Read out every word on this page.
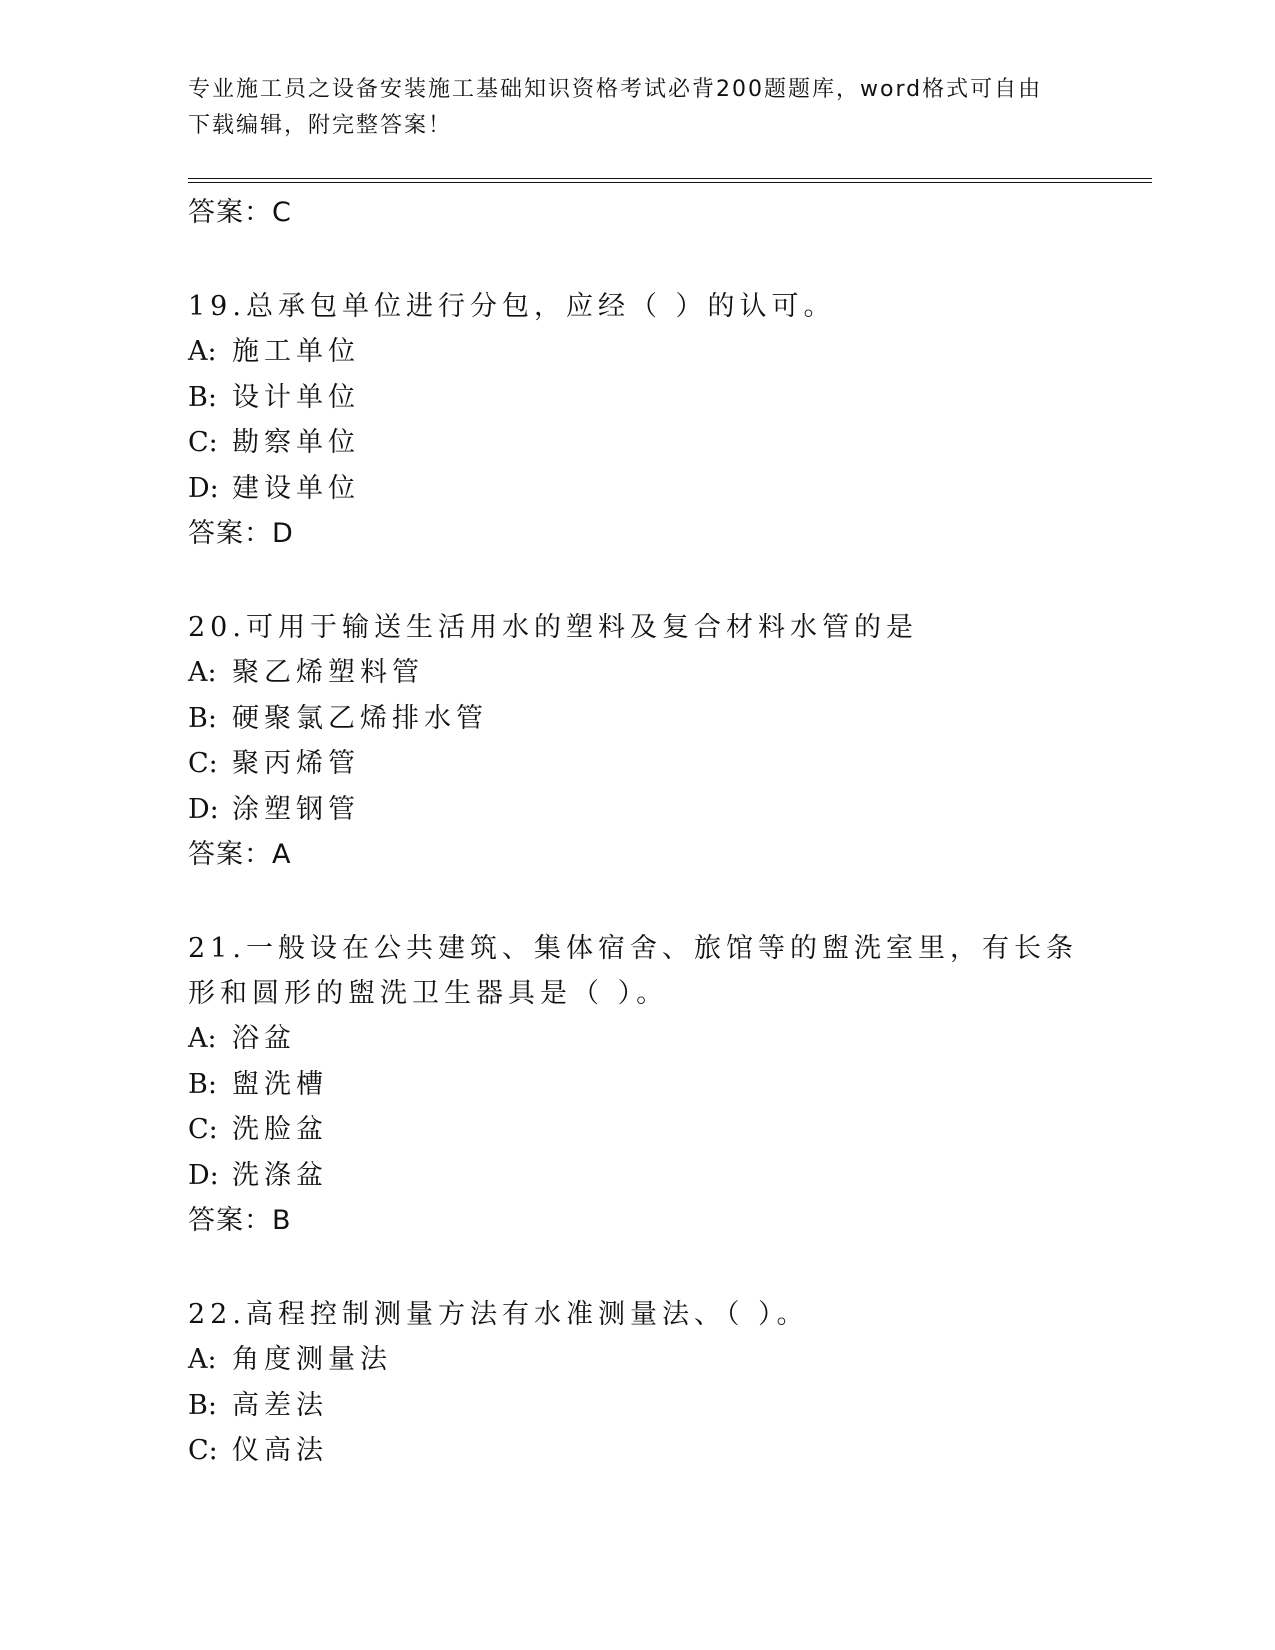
专业施工员之设备安装施工基础知识资格考试必背200题题库，word格式可自由
下载编辑，附完整答案！
答案：C
19.总承包单位进行分包，应经（ ）的认可。
A: 施工单位
B: 设计单位
C: 勘察单位
D: 建设单位
答案：D
20.可用于输送生活用水的塑料及复合材料水管的是
A: 聚乙烯塑料管
B: 硬聚氯乙烯排水管
C: 聚丙烯管
D: 涂塑钢管
答案：A
21.一般设在公共建筑、集体宿舍、旅馆等的盥洗室里，有长条形和圆形的盥洗卫生器具是（ ）。
A: 浴盆
B: 盥洗槽
C: 洗脸盆
D: 洗涤盆
答案：B
22.高程控制测量方法有水准测量法、（ ）。
A: 角度测量法
B: 高差法
C: 仪高法
